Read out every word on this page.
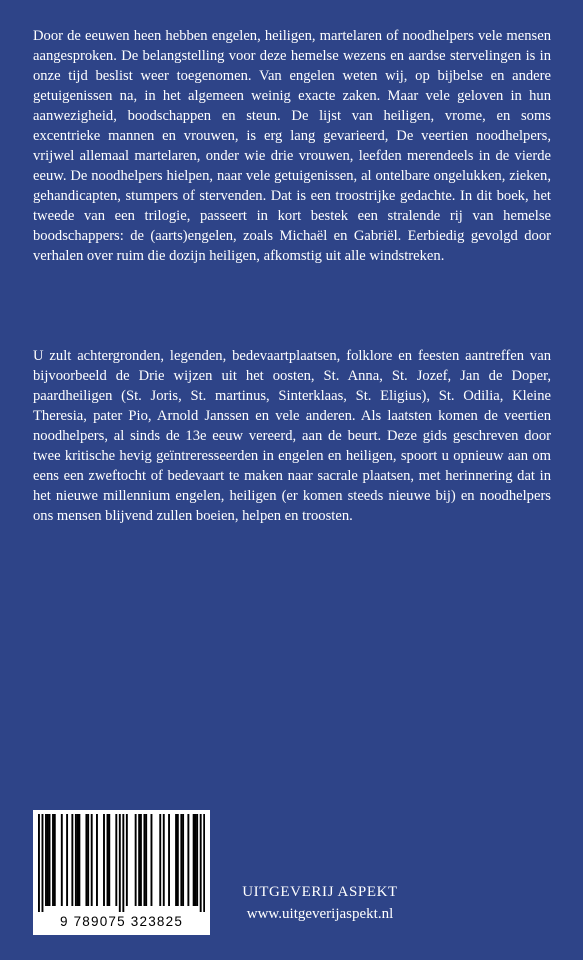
Door de eeuwen heen hebben engelen, heiligen, martelaren of noodhelpers vele mensen aangesproken. De belangstelling voor deze hemelse wezens en aardse stervelingen is in onze tijd beslist weer toegenomen. Van engelen weten wij, op bijbelse en andere getuigenissen na, in het algemeen weinig exacte zaken. Maar vele geloven in hun aanwezigheid, boodschappen en steun. De lijst van heiligen, vrome, en soms excentrieke mannen en vrouwen, is erg lang gevarieerd, De veertien noodhelpers, vrijwel allemaal martelaren, onder wie drie vrouwen, leefden merendeels in de vierde eeuw. De noodhelpers hielpen, naar vele getuigenissen, al ontelbare ongelukken, zieken, gehandicapten, stumpers of stervenden. Dat is een troostrijke gedachte. In dit boek, het tweede van een trilogie, passeert in kort bestek een stralende rij van hemelse boodschappers: de (aarts)engelen, zoals Michaël en Gabriël. Eerbiedig gevolgd door verhalen over ruim die dozijn heiligen, afkomstig uit alle windstreken.

U zult achtergronden, legenden, bedevaartplaatsen, folklore en feesten aantreffen van bijvoorbeeld de Drie wijzen uit het oosten, St. Anna, St. Jozef, Jan de Doper, paardheiligen (St. Joris, St. martinus, Sinterklaas, St. Eligius), St. Odilia, Kleine Theresia, pater Pio, Arnold Janssen en vele anderen. Als laatsten komen de veertien noodhelpers, al sinds de 13e eeuw vereerd, aan de beurt. Deze gids geschreven door twee kritische hevig geïntreresseerden in engelen en heiligen, spoort u opnieuw aan om eens een zweftocht of bedevaart te maken naar sacrale plaatsen, met herinnering dat in het nieuwe millennium engelen, heiligen (er komen steeds nieuwe bij) en noodhelpers ons mensen blijvend zullen boeien, helpen en troosten.

9 789075 323825
UITGEVERIJ ASPEKT
www.uitgeverijaspekt.nl
